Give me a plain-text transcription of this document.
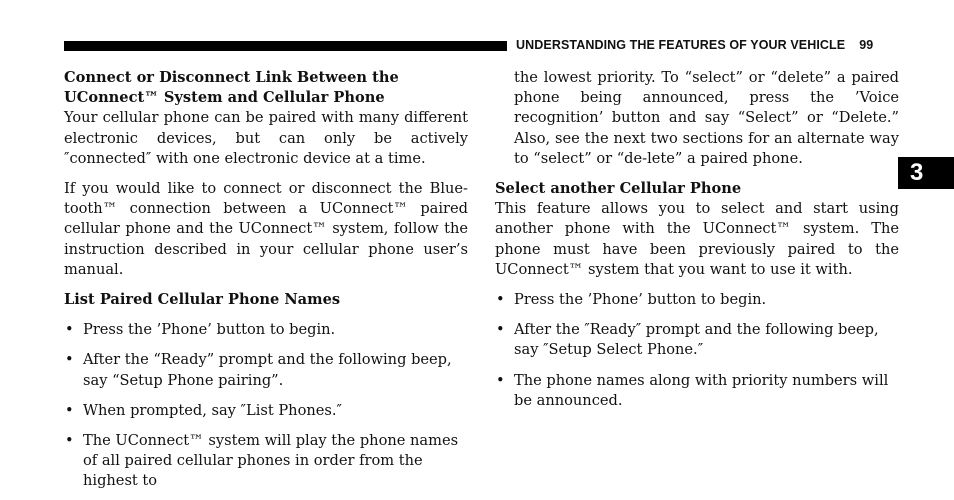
UNDERSTANDING THE FEATURES OF YOUR VEHICLE 99
3
Connect or Disconnect Link Between the
UConnect™ System and Cellular Phone

Your cellular phone can be paired with many different electronic devices, but can only be actively ″connected″ with one electronic device at a time.

If you would like to connect or disconnect the Blue-tooth™ connection between a UConnect™ paired cellular phone and the UConnect™ system, follow the instruction described in your cellular phone user’s manual.

List Paired Cellular Phone Names
• Press the ’Phone’ button to begin.
• After the “Ready” prompt and the following beep, say “Setup Phone pairing”.
• When prompted, say ″List Phones.″
• The UConnect™ system will play the phone names of all paired cellular phones in order from the highest to

the lowest priority. To “select” or “delete” a paired phone being announced, press the ’Voice recognition’ button and say “Select” or “Delete.” Also, see the next two sections for an alternate way to “select” or “de-lete” a paired phone.

Select another Cellular Phone

This feature allows you to select and start using another phone with the UConnect™ system. The phone must have been previously paired to the UConnect™ system that you want to use it with.

• Press the ’Phone’ button to begin.
• After the ″Ready″ prompt and the following beep, say ″Setup Select Phone.″
• The phone names along with priority numbers will be announced.
